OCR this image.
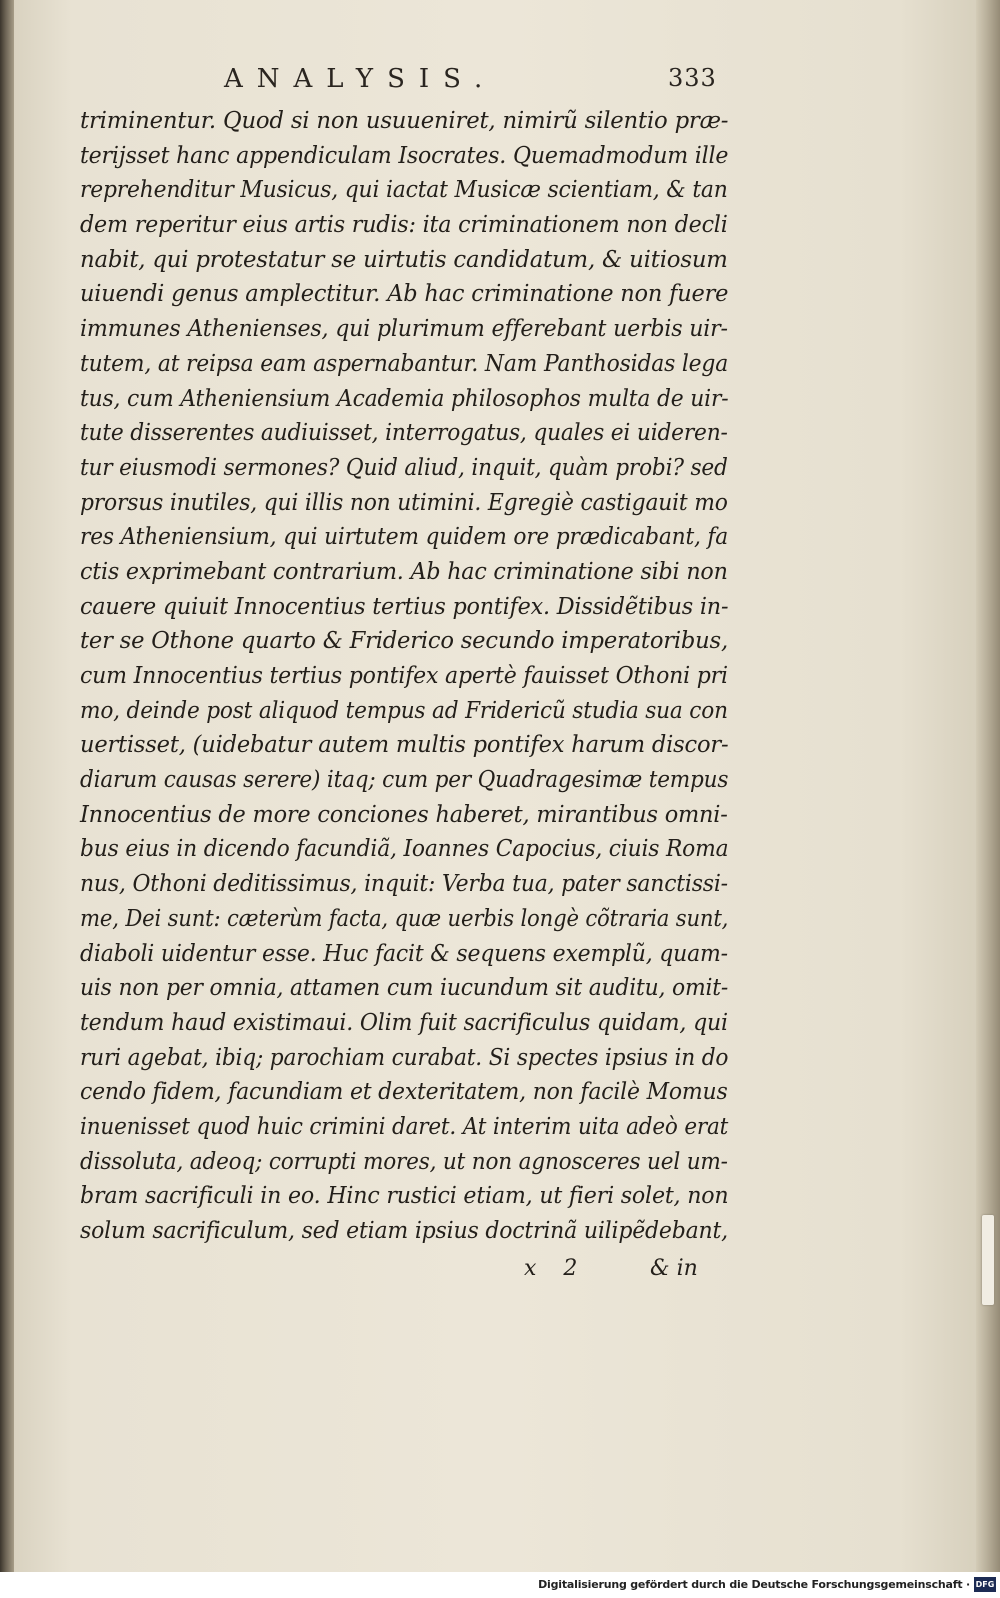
ANALYSIS.	333
triminentur. Quod si non usuueniret, nimirũ silentio præ-
terijsset hanc appendiculam Isocrates. Quemadmodum ille
reprehenditur Musicus, qui iactat Musicæ scientiam, & tan
dem reperitur eius artis rudis: ita criminationem non decli
nabit, qui protestatur se uirtutis candidatum, & uitiosum
uiuendi genus amplectitur. Ab hac criminatione non fuere
immunes Athenienses, qui plurimum efferebant uerbis uir-
tutem, at reipsa eam aspernabantur. Nam Panthosidas lega
tus, cum Atheniensium Academia philosophos multa de uir-
tute disserentes audiuisset, interrogatus, quales ei uideren-
tur eiusmodi sermones? Quid aliud, inquit, quàm probi? sed
prorsus inutiles, qui illis non utimini. Egregiè castigauit mo
res Atheniensium, qui uirtutem quidem ore prædicabant, fa
ctis exprimebant contrarium. Ab hac criminatione sibi non
cauere quiuit Innocentius tertius pontifex. Dissidẽtibus in-
ter se Othone quarto & Friderico secundo imperatoribus,
cum Innocentius tertius pontifex apertè fauisset Othoni pri
mo, deinde post aliquod tempus ad Fridericũ studia sua con
uertisset, (uidebatur autem multis pontifex harum discor-
diarum causas serere) itaq; cum per Quadragesimæ tempus
Innocentius de more conciones haberet, mirantibus omni-
bus eius in dicendo facundiã, Ioannes Capocius, ciuis Roma
nus, Othoni deditissimus, inquit: Verba tua, pater sanctissi-
me, Dei sunt: cæterùm facta, quæ uerbis longè cõtraria sunt,
diaboli uidentur esse. Huc facit & sequens exemplũ, quam-
uis non per omnia, attamen cum iucundum sit auditu, omit-
tendum haud existimaui. Olim fuit sacrificulus quidam, qui
ruri agebat, ibiq; parochiam curabat. Si spectes ipsius in do
cendo fidem, facundiam et dexteritatem, non facilè Momus
inuenisset quod huic crimini daret. At interim uita adeò erat
dissoluta, adeoq; corrupti mores, ut non agnosceres uel um-
bram sacrificuli in eo. Hinc rustici etiam, ut fieri solet, non
solum sacrificulum, sed etiam ipsius doctrinã uilipẽdebant,
x 2	& in
Digitalisierung gefördert durch die Deutsche Forschungsgemeinschaft · DFG
